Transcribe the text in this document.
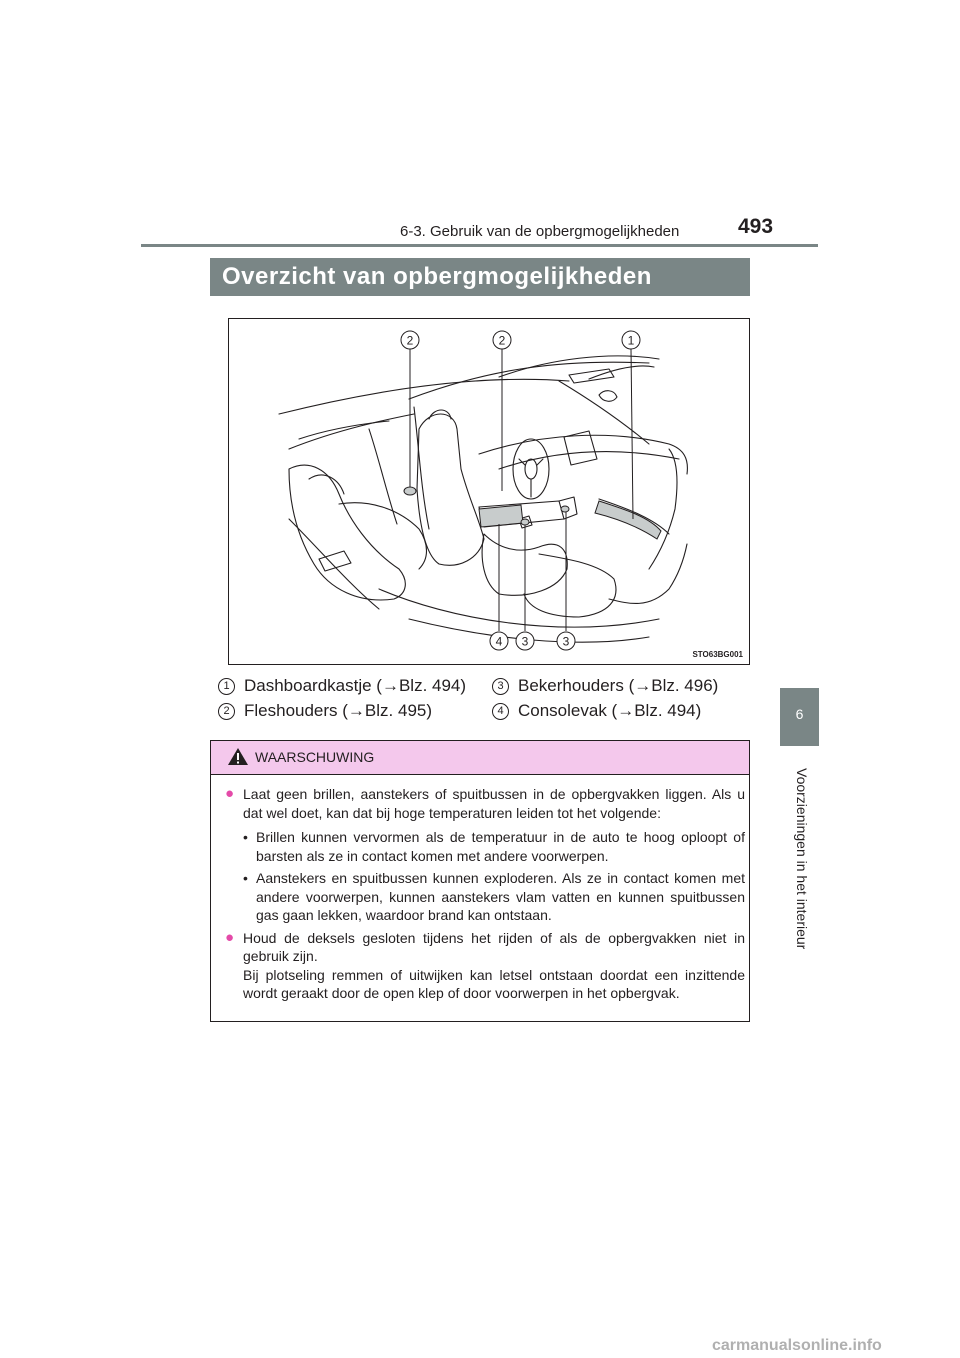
6-3. Gebruik van de opbergmogelijkheden	493
6
Voorzieningen in het interieur
Overzicht van opbergmogelijkheden
2	2	1
4 3	3
STO63BG001
1 Dashboardkastje (→Blz. 494)
2 Fleshouders (→Blz. 495)
3 Bekerhouders (→Blz. 496)
4 Consolevak (→Blz. 494)
WAARSCHUWING
● Laat geen brillen, aanstekers of spuitbussen in de opbergvakken liggen. Als u dat wel doet, kan dat bij hoge temperaturen leiden tot het volgende:
• Brillen kunnen vervormen als de temperatuur in de auto te hoog oploopt of barsten als ze in contact komen met andere voorwerpen.
• Aanstekers en spuitbussen kunnen exploderen. Als ze in contact komen met andere voorwerpen, kunnen aanstekers vlam vatten en kunnen spuitbussen gas gaan lekken, waardoor brand kan ontstaan.
● Houd de deksels gesloten tijdens het rijden of als de opbergvakken niet in gebruik zijn.
Bij plotseling remmen of uitwijken kan letsel ontstaan doordat een inzittende wordt geraakt door de open klep of door voorwerpen in het opbergvak.
carmanualsonline.info
